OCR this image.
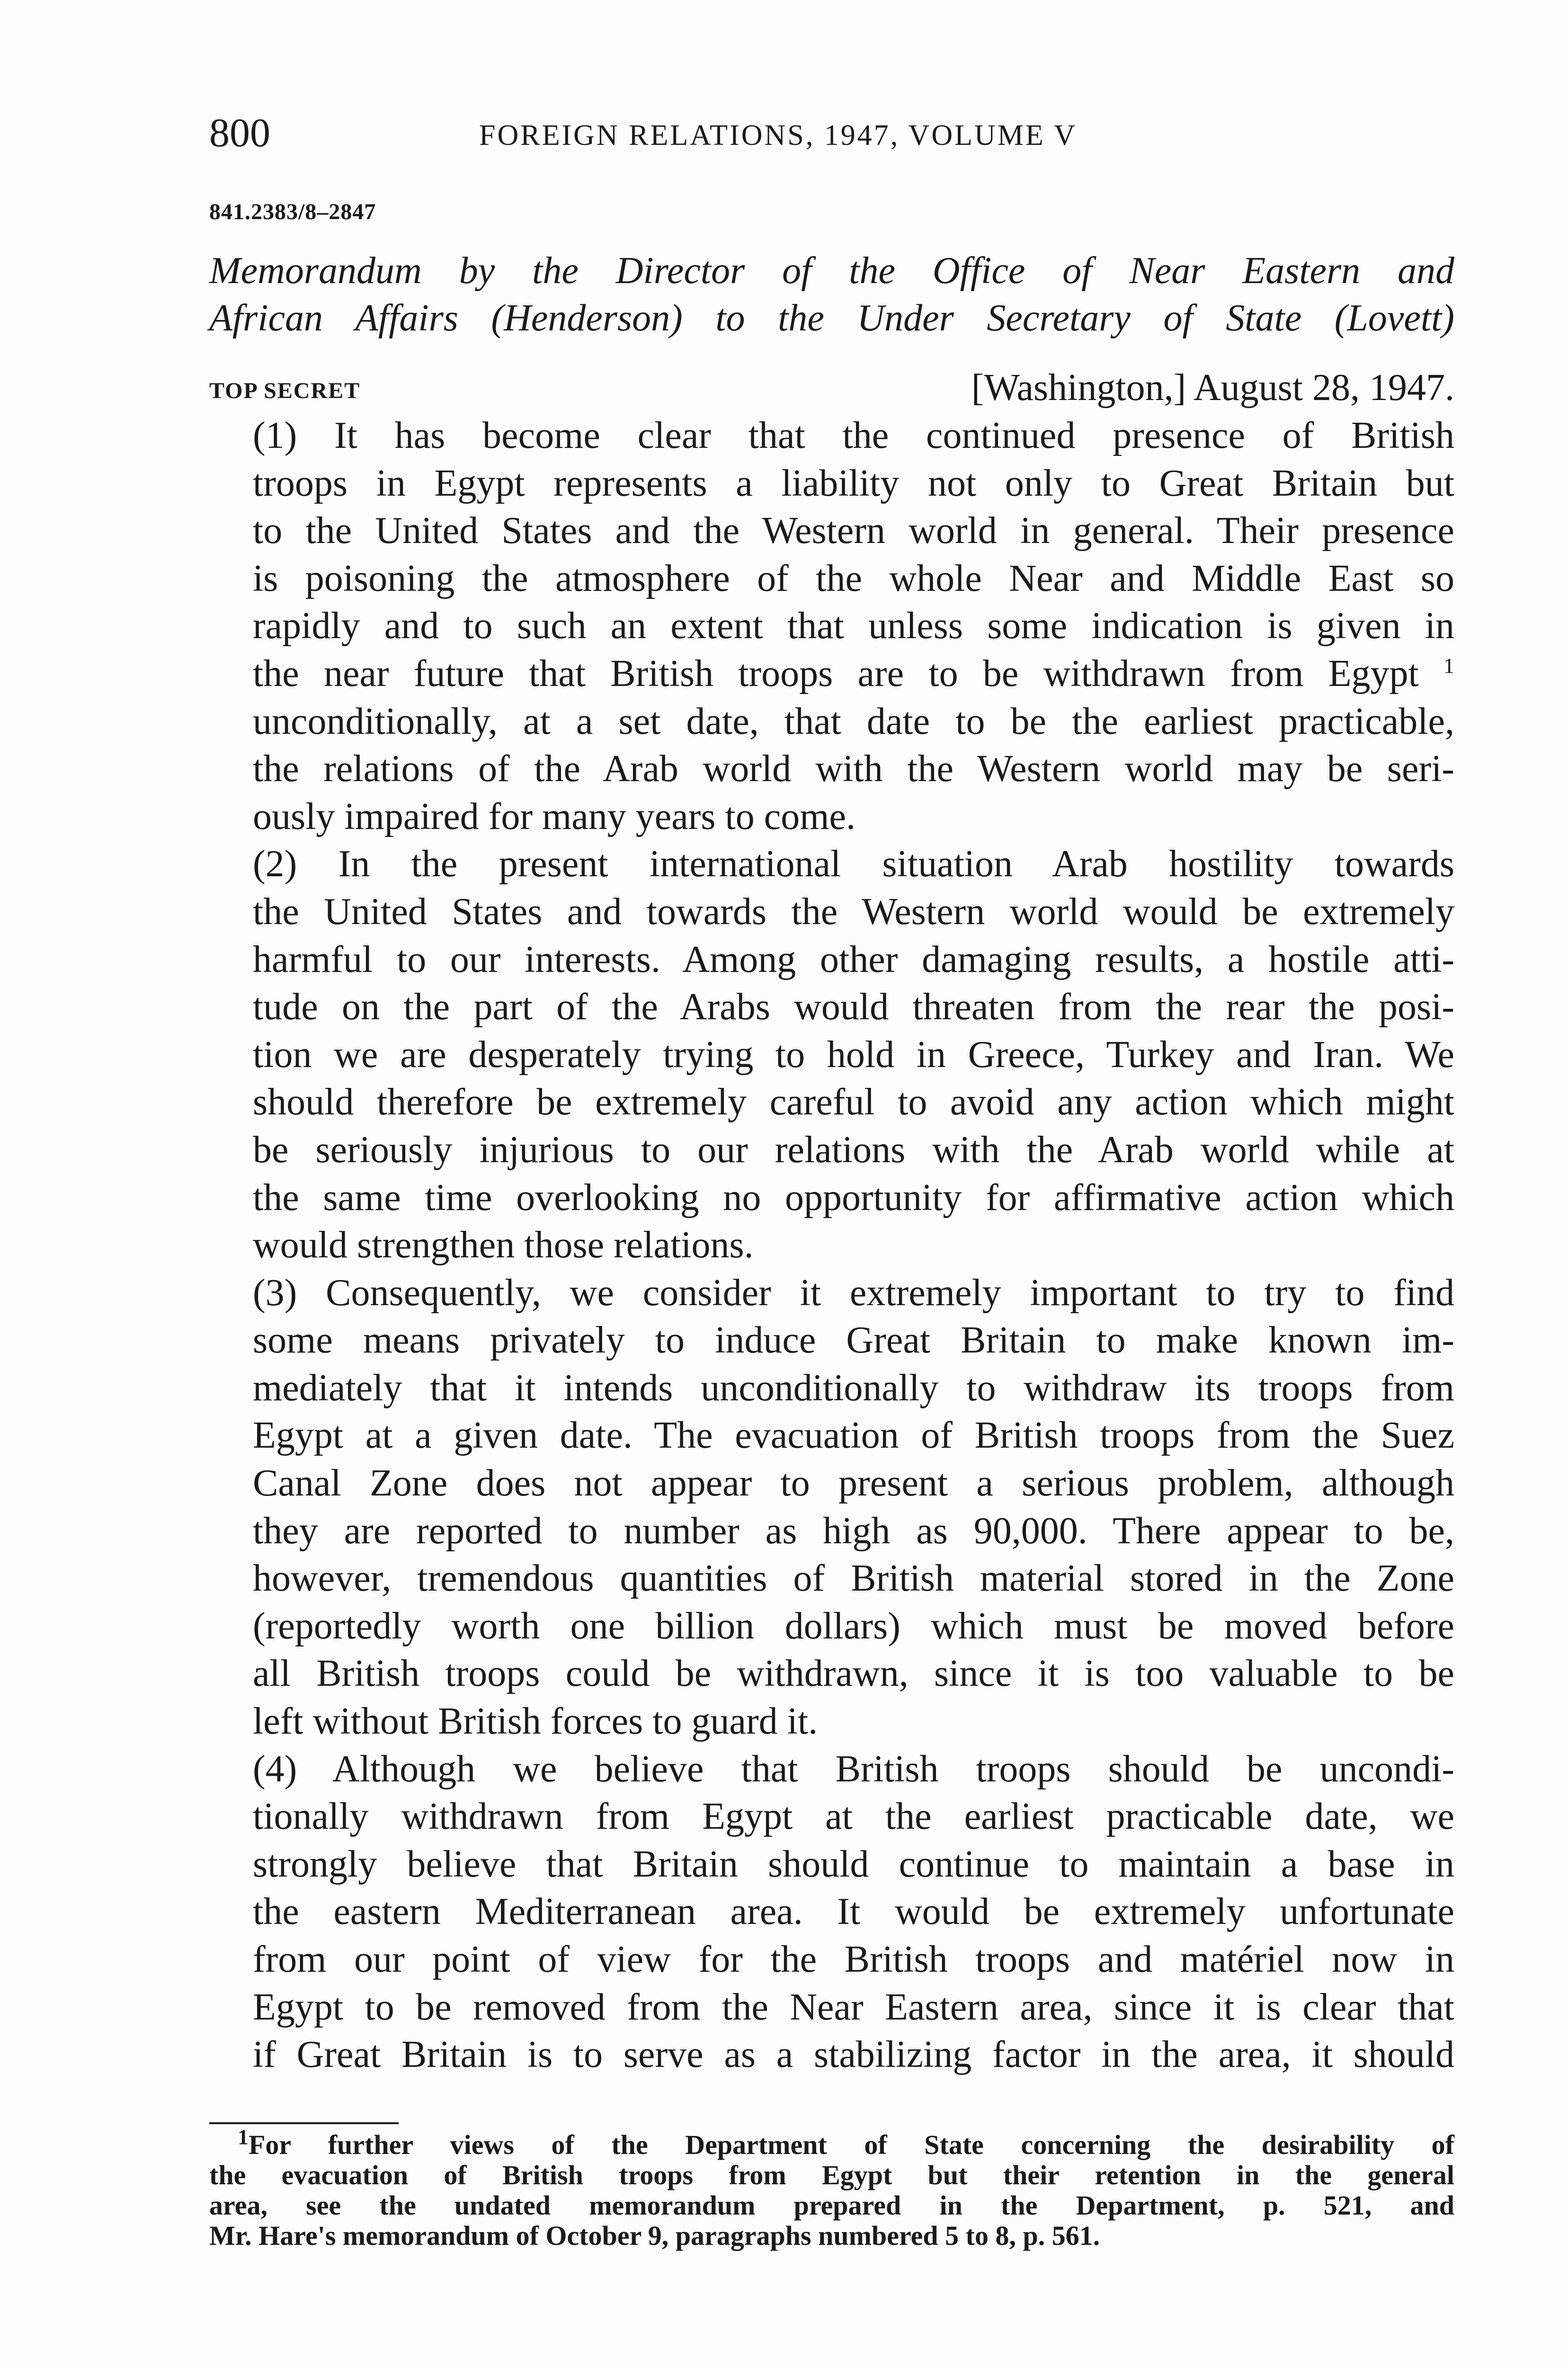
800	FOREIGN RELATIONS, 1947, VOLUME V
841.2383/8–2847
Memorandum by the Director of the Office of Near Eastern and
African Affairs (Henderson) to the Under Secretary of State (Lovett)
TOP SECRET	[Washington,] August 28, 1947.

(1) It has become clear that the continued presence of British
troops in Egypt represents a liability not only to Great Britain but
to the United States and the Western world in general. Their presence
is poisoning the atmosphere of the whole Near and Middle East so
rapidly and to such an extent that unless some indication is given in
the near future that British troops are to be withdrawn from Egypt $^1$
unconditionally, at a set date, that date to be the earliest practicable,
the relations of the Arab world with the Western world may be seri-
ously impaired for many years to come.

(2) In the present international situation Arab hostility towards
the United States and towards the Western world would be extremely
harmful to our interests. Among other damaging results, a hostile atti-
tude on the part of the Arabs would threaten from the rear the posi-
tion we are desperately trying to hold in Greece, Turkey and Iran. We
should therefore be extremely careful to avoid any action which might
be seriously injurious to our relations with the Arab world while at
the same time overlooking no opportunity for affirmative action which
would strengthen those relations.

(3) Consequently, we consider it extremely important to try to find
some means privately to induce Great Britain to make known im-
mediately that it intends unconditionally to withdraw its troops from
Egypt at a given date. The evacuation of British troops from the Suez
Canal Zone does not appear to present a serious problem, although
they are reported to number as high as 90,000. There appear to be,
however, tremendous quantities of British material stored in the Zone
(reportedly worth one billion dollars) which must be moved before
all British troops could be withdrawn, since it is too valuable to be
left without British forces to guard it.

(4) Although we believe that British troops should be uncondi-
tionally withdrawn from Egypt at the earliest practicable date, we
strongly believe that Britain should continue to maintain a base in
the eastern Mediterranean area. It would be extremely unfortunate
from our point of view for the British troops and matériel now in
Egypt to be removed from the Near Eastern area, since it is clear that
if Great Britain is to serve as a stabilizing factor in the area, it should

$^1$For further views of the Department of State concerning the desirability of
the evacuation of British troops from Egypt but their retention in the general
area, see the undated memorandum prepared in the Department, p. 521, and
Mr. Hare's memorandum of October 9, paragraphs numbered 5 to 8, p. 561.
